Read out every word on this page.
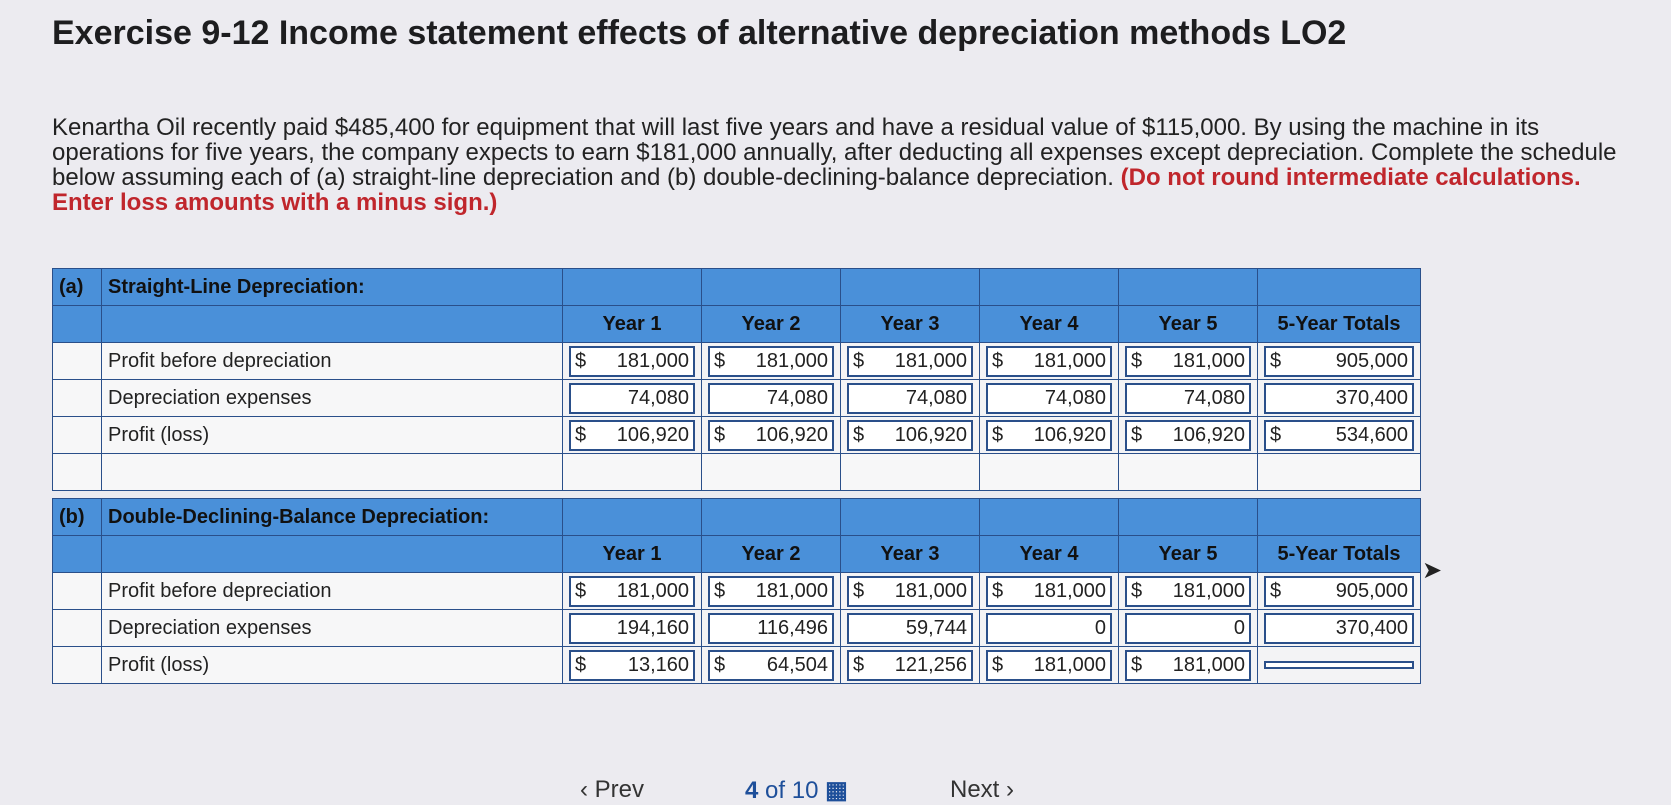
Exercise 9-12 Income statement effects of alternative depreciation methods LO2
Kenartha Oil recently paid $485,400 for equipment that will last five years and have a residual value of $115,000. By using the machine in its operations for five years, the company expects to earn $181,000 annually, after deducting all expenses except depreciation. Complete the schedule below assuming each of (a) straight-line depreciation and (b) double-declining-balance depreciation. (Do not round intermediate calculations. Enter loss amounts with a minus sign.)
(a)	Straight-Line Depreciation:						
		Year 1	Year 2	Year 3	Year 4	Year 5	5-Year Totals
	Profit before depreciation	$ 181,000	$ 181,000	$ 181,000	$ 181,000	$ 181,000	$ 905,000

	Depreciation expenses	74,080	74,080	74,080	74,080	74,080	370,400

	Profit (loss)	$ 106,920	$ 106,920	$ 106,920	$ 106,920	$ 106,920	$ 534,600

(b)	Double-Declining-Balance Depreciation:						
		Year 1	Year 2	Year 3	Year 4	Year 5	5-Year Totals
	Profit before depreciation	$ 181,000	$ 181,000	$ 181,000	$ 181,000	$ 181,000	$ 905,000

	Depreciation expenses	194,160	116,496	59,744	0	0	370,400

	Profit (loss)	$ 13,160	$ 64,504	$ 121,256	$ 181,000	$ 181,000	

‹ Prev	4 of 10 ▦	Next ›
➤
